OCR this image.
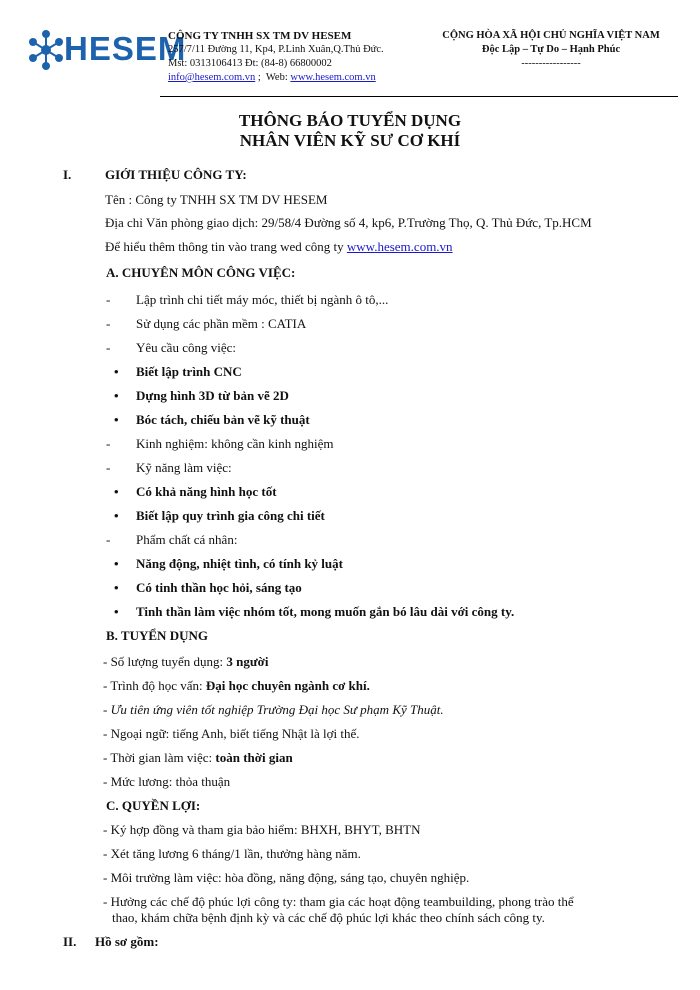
HESEM
CÔNG TY TNHH SX TM DV HESEM
257/7/11 Đường 11, Kp4, P.Linh Xuân,Q.Thủ Đức.
Mst: 0313106413 Đt: (84-8) 66800002
info@hesem.com.vn ;  Web: www.hesem.com.vn
CỘNG HÒA XÃ HỘI CHỦ NGHĨA VIỆT NAM
Độc Lập – Tự Do – Hạnh Phúc
-----------------
THÔNG BÁO TUYỂN DỤNG
NHÂN VIÊN KỸ SƯ CƠ KHÍ
I.	GIỚI THIỆU CÔNG TY:
Tên : Công ty TNHH SX TM DV HESEM
Địa chỉ Văn phòng giao dịch: 29/58/4 Đường số 4, kp6, P.Trường Thọ, Q. Thủ Đức, Tp.HCM
Để hiểu thêm thông tin vào trang wed công ty www.hesem.com.vn
A. CHUYÊN MÔN CÔNG VIỆC:
- Lập trình chi tiết máy móc, thiết bị ngành ô tô,...
- Sử dụng các phần mềm : CATIA
- Yêu cầu công việc:
• Biết lập trình CNC
• Dựng hình 3D từ bản vẽ 2D
• Bóc tách, chiếu bản vẽ kỹ thuật
- Kinh nghiệm: không cần kinh nghiệm
- Kỹ năng làm việc:
• Có khả năng hình học tốt
• Biết lập quy trình gia công chi tiết
- Phẩm chất cá nhân:
• Năng động, nhiệt tình, có tính kỷ luật
• Có tinh thần học hỏi, sáng tạo
• Tinh thần làm việc nhóm tốt, mong muốn gắn bó lâu dài với công ty.
B. TUYỂN DỤNG
- Số lượng tuyển dụng: 3 người
- Trình độ học vấn: Đại học chuyên ngành cơ khí.
- Ưu tiên ứng viên tốt nghiệp Trường Đại học Sư phạm Kỹ Thuật.
- Ngoại ngữ: tiếng Anh, biết tiếng Nhật là lợi thế.
- Thời gian làm việc: toàn thời gian
- Mức lương: thỏa thuận
C. QUYỀN LỢI:
- Ký hợp đồng và tham gia bảo hiểm: BHXH, BHYT, BHTN
- Xét tăng lương 6 tháng/1 lần, thưởng hàng năm.
- Môi trường làm việc: hòa đồng, năng động, sáng tạo, chuyên nghiệp.
- Hưởng các chế độ phúc lợi công ty: tham gia các hoạt động teambuilding, phong trào thể
thao, khám chữa bệnh định kỳ và các chế độ phúc lợi khác theo chính sách công ty.
II. Hồ sơ gồm:
